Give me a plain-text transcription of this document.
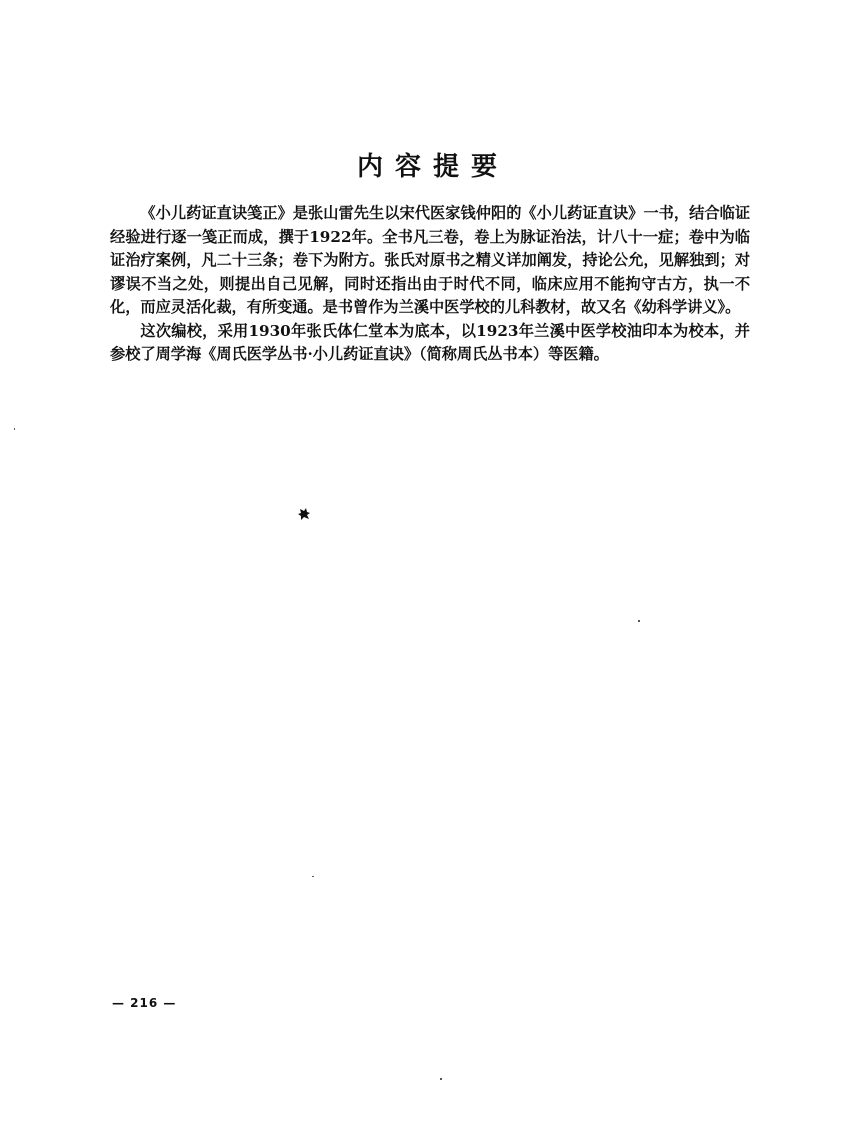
内容提要

《小儿药证直诀笺正》是张山雷先生以宋代医家钱仲阳的《小儿药证直诀》一书，结合临证经验进行逐一笺正而成，撰于1922年。全书凡三卷，卷上为脉证治法，计八十一症；卷中为临证治疗案例，凡二十三条；卷下为附方。张氏对原书之精义详加阐发，持论公允，见解独到；对谬误不当之处，则提出自己见解，同时还指出由于时代不同，临床应用不能拘守古方，执一不化，而应灵活化裁，有所变通。是书曾作为兰溪中医学校的儿科教材，故又名《幼科学讲义》。

这次编校，采用1930年张氏体仁堂本为底本，以1923年兰溪中医学校油印本为校本，并参校了周学海《周氏医学丛书·小儿药证直诀》（简称周氏丛书本）等医籍。

— 216 —
